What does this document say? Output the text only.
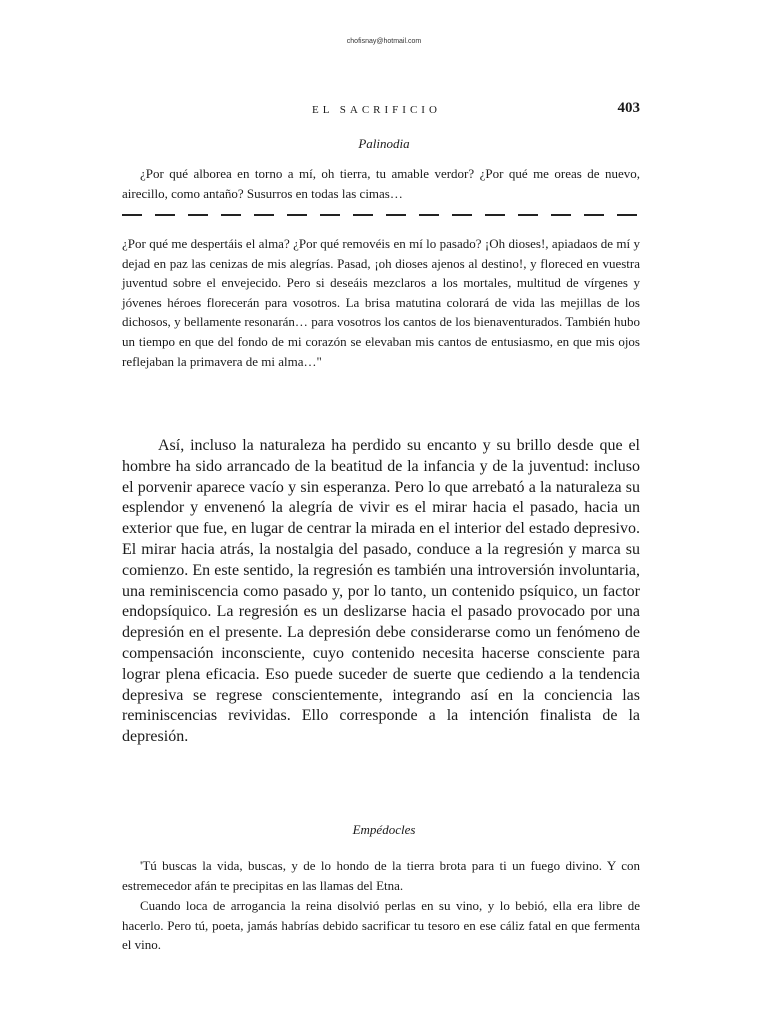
chofisnay@hotmail.com
EL SACRIFICIO	403
Palinodia

¿Por qué alborea en torno a mí, oh tierra, tu amable verdor? ¿Por qué me oreas de nuevo, airecillo, como antaño? Susurros en todas las cimas…

¿Por qué me despertáis el alma? ¿Por qué removéis en mí lo pasado? ¡Oh dioses!, apiadaos de mí y dejad en paz las cenizas de mis alegrías. Pasad, ¡oh dioses ajenos al destino!, y floreced en vuestra juventud sobre el envejecido. Pero si deseáis mezclaros a los mortales, multitud de vírgenes y jóvenes héroes florecerán para vosotros. La brisa matutina colorará de vida las mejillas de los dichosos, y bellamente resonarán… para vosotros los cantos de los bienaventurados. También hubo un tiempo en que del fondo de mi corazón se elevaban mis cantos de entusiasmo, en que mis ojos reflejaban la primavera de mi alma…"

Así, incluso la naturaleza ha perdido su encanto y su brillo desde que el hombre ha sido arrancado de la beatitud de la infancia y de la juventud: incluso el porvenir aparece vacío y sin esperanza. Pero lo que arrebató a la naturaleza su esplendor y envenenó la alegría de vivir es el mirar hacia el pasado, hacia un exterior que fue, en lugar de centrar la mirada en el interior del estado depresivo. El mirar hacia atrás, la nostalgia del pasado, conduce a la regresión y marca su comienzo. En este sentido, la regresión es también una introversión involuntaria, una reminiscencia como pasado y, por lo tanto, un contenido psíquico, un factor endopsíquico. La regresión es un deslizarse hacia el pasado provocado por una depresión en el presente. La depresión debe considerarse como un fenómeno de compensación inconsciente, cuyo contenido necesita hacerse consciente para lograr plena eficacia. Eso puede suceder de suerte que cediendo a la tendencia depresiva se regrese conscientemente, integrando así en la conciencia las reminiscencias revividas. Ello corresponde a la intención finalista de la depresión.

Empédocles

'Tú buscas la vida, buscas, y de lo hondo de la tierra brota para ti un fuego divino. Y con estremecedor afán te precipitas en las llamas del Etna.

Cuando loca de arrogancia la reina disolvió perlas en su vino, y lo bebió, ella era libre de hacerlo. Pero tú, poeta, jamás habrías debido sacrificar tu tesoro en ese cáliz fatal en que fermenta el vino.
